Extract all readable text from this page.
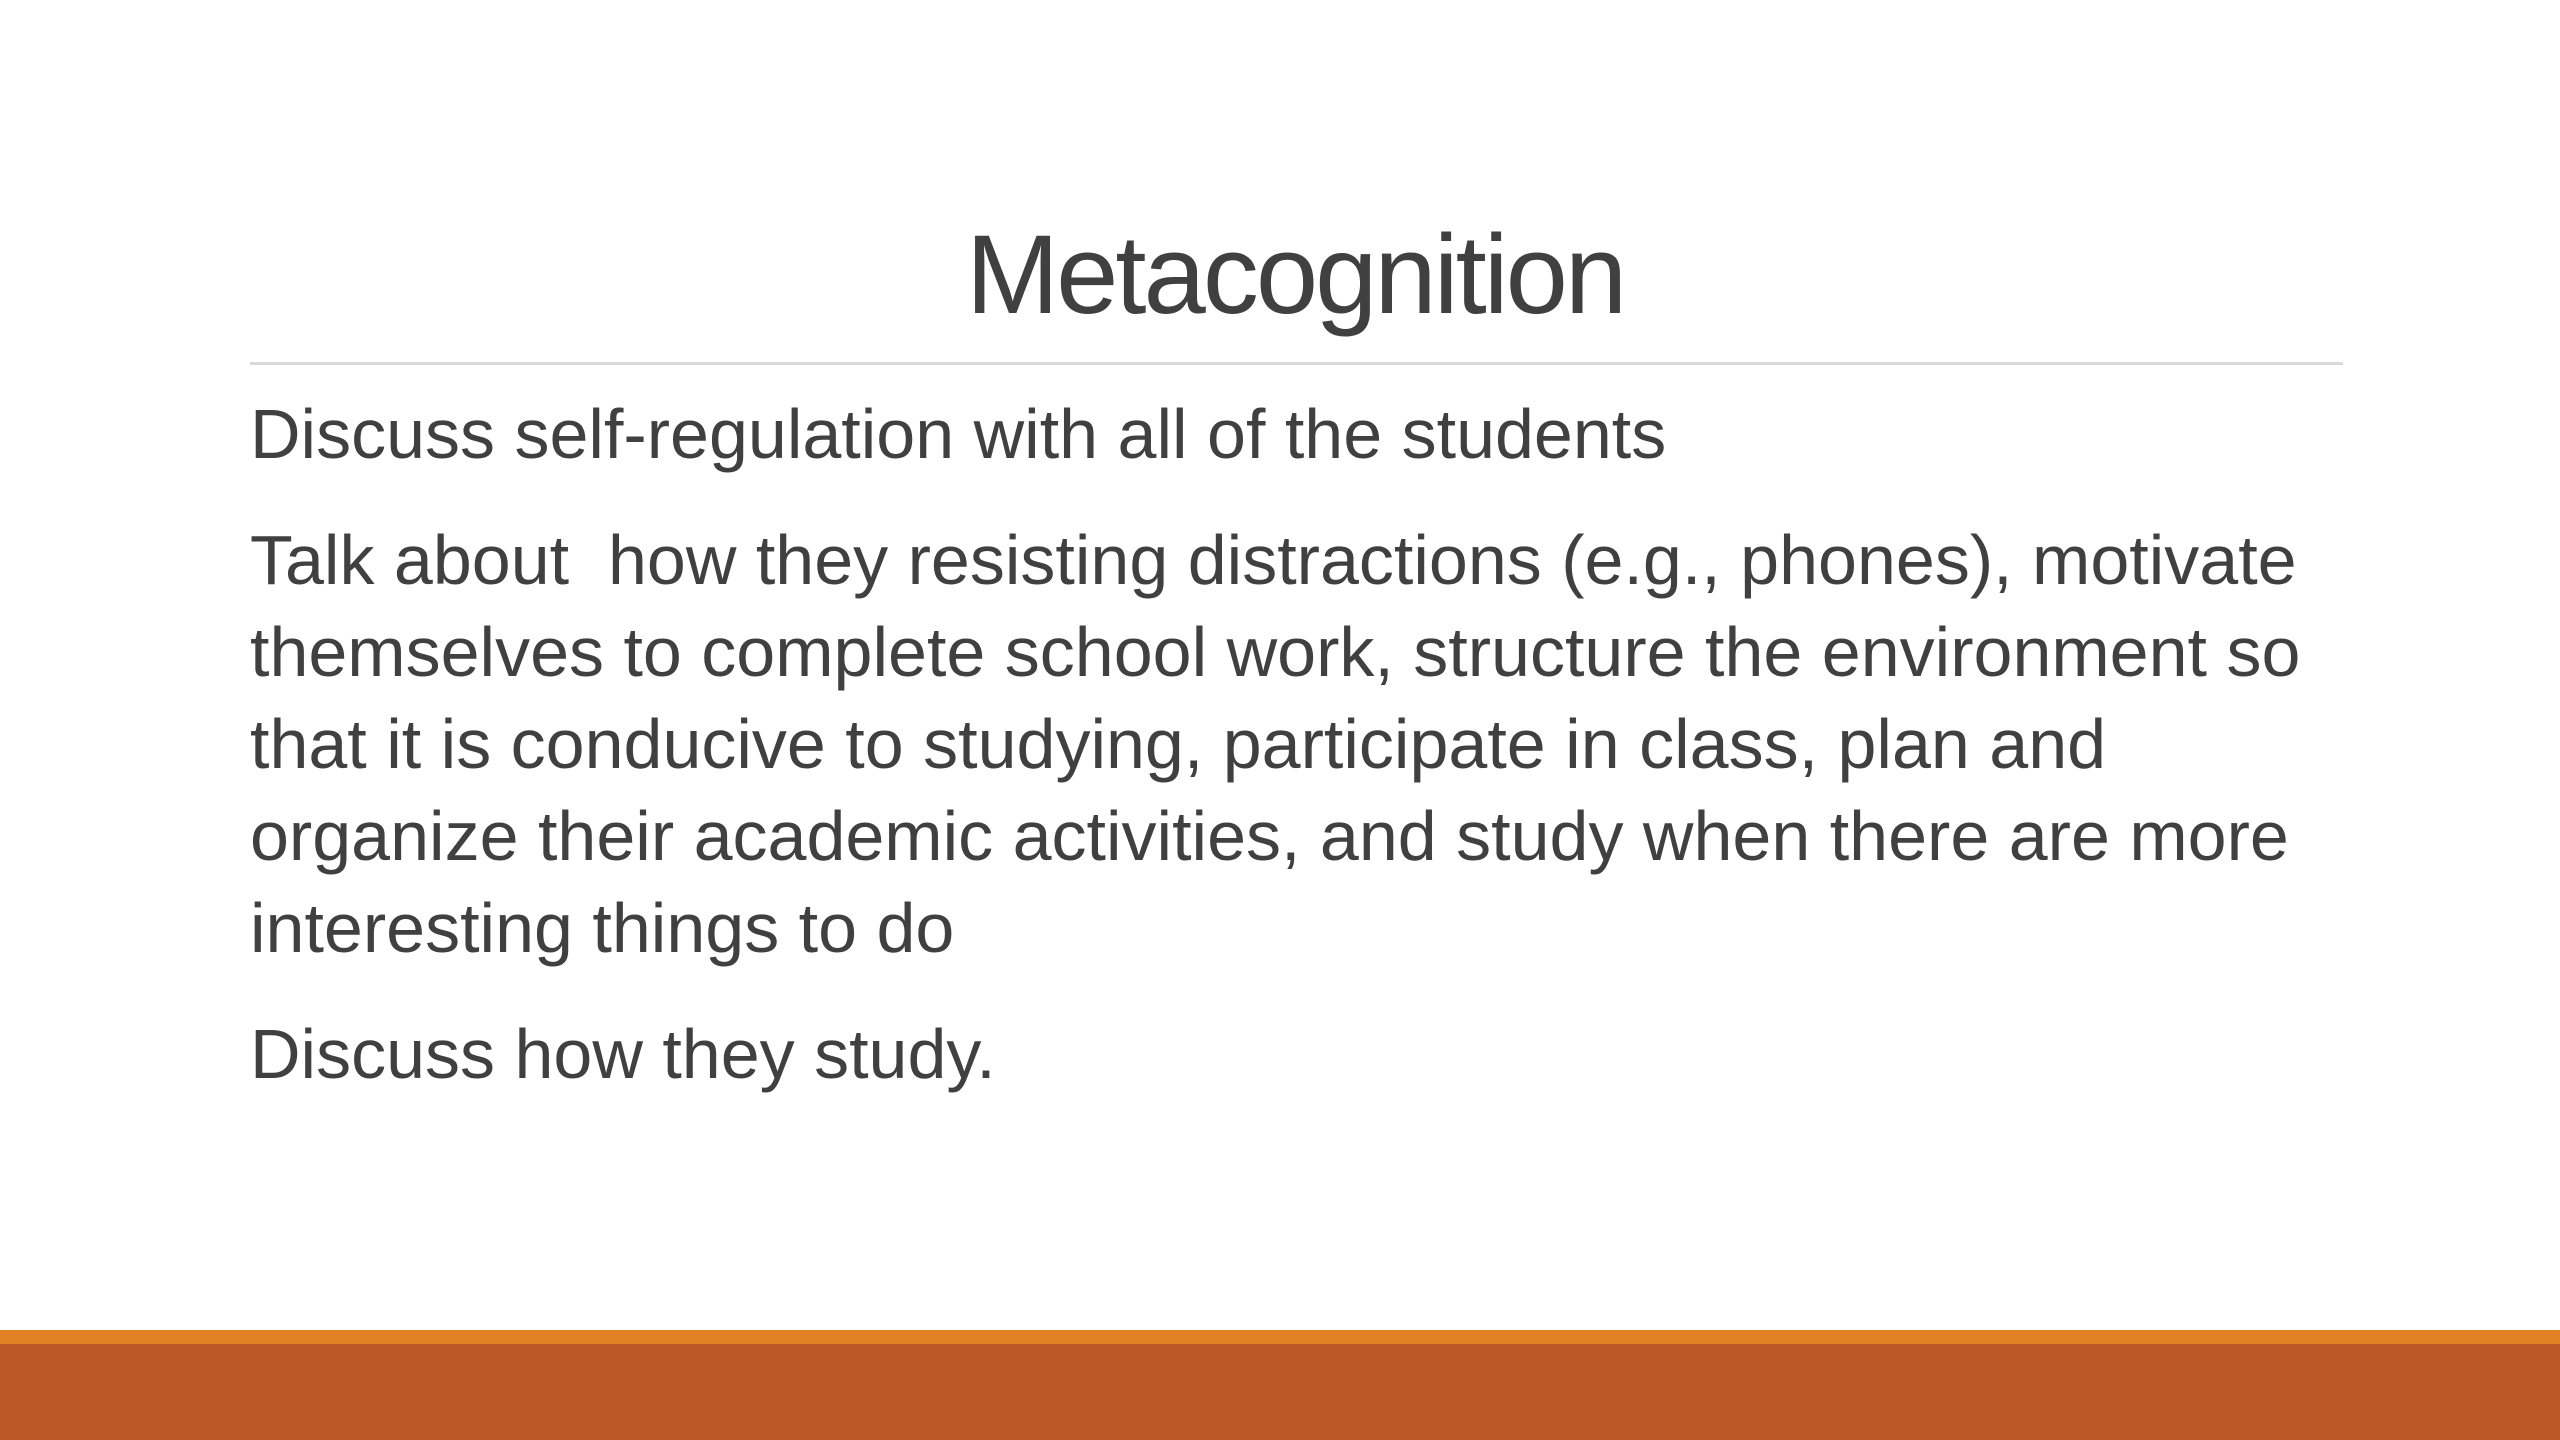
Metacognition

Discuss self-regulation with all of the students

Talk about  how they resisting distractions (e.g., phones), motivate themselves to complete school work, structure the environment so that it is conducive to studying, participate in class, plan and organize their academic activities, and study when there are more interesting things to do

Discuss how they study.
